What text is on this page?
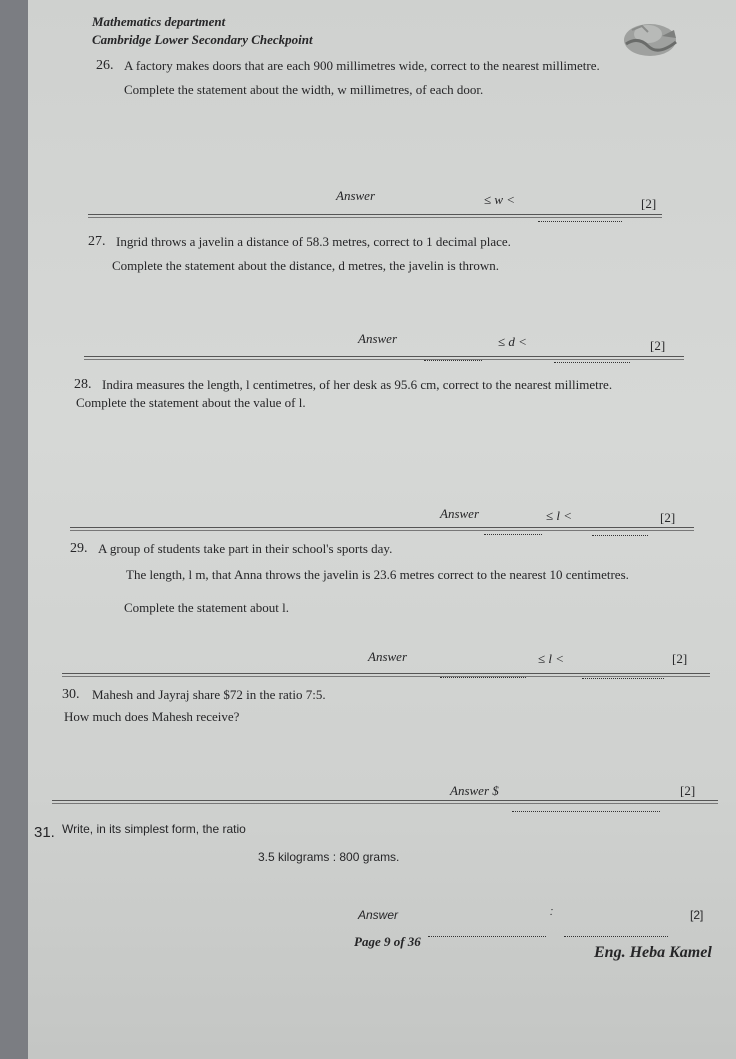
Mathematics department
Cambridge Lower Secondary Checkpoint
26. A factory makes doors that are each 900 millimetres wide, correct to the nearest millimetre.
Complete the statement about the width, w millimetres, of each door.
Answer	≤ w <	[2]
27. Ingrid throws a javelin a distance of 58.3 metres, correct to 1 decimal place.
Complete the statement about the distance, d metres, the javelin is thrown.
Answer	≤ d <	[2]
28. Indira measures the length, l centimetres, of her desk as 95.6 cm, correct to the nearest millimetre.
Complete the statement about the value of l.
Answer	≤ l <	[2]
29. A group of students take part in their school's sports day.
The length, l m, that Anna throws the javelin is 23.6 metres correct to the nearest 10 centimetres.
Complete the statement about l.
Answer	≤ l <	[2]
30. Mahesh and Jayraj share $72 in the ratio 7:5.
How much does Mahesh receive?
Answer $	[2]
31. Write, in its simplest form, the ratio
3.5 kilograms : 800 grams.
Answer	:	[2]
Page 9 of 36
Eng. Heba Kamel
